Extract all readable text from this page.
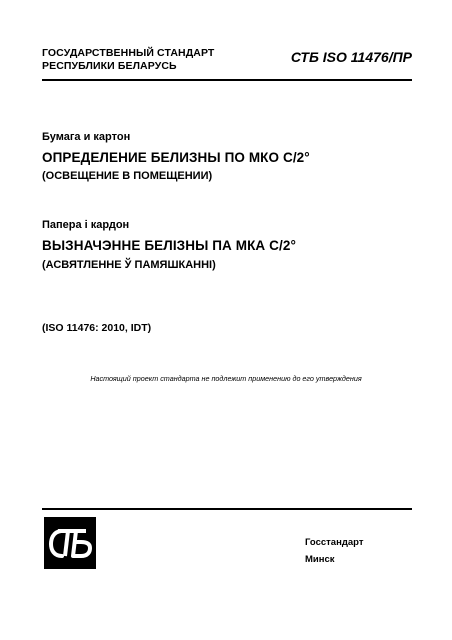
ГОСУДАРСТВЕННЫЙ СТАНДАРТ
РЕСПУБЛИКИ БЕЛАРУСЬ
СТБ ISO 11476/ПР
Бумага и картон
ОПРЕДЕЛЕНИЕ БЕЛИЗНЫ ПО МКО С/2°
(ОСВЕЩЕНИЕ В ПОМЕЩЕНИИ)
Папера і кардон
ВЫЗНАЧЭННЕ БЕЛІЗНЫ ПА МКА С/2°
(АСВЯТЛЕННЕ Ў ПАМЯШКАННІ)
(ISO 11476: 2010, IDT)
Настоящий проект стандарта не подлежит применению до его утверждения
Госстандарт
Минск
